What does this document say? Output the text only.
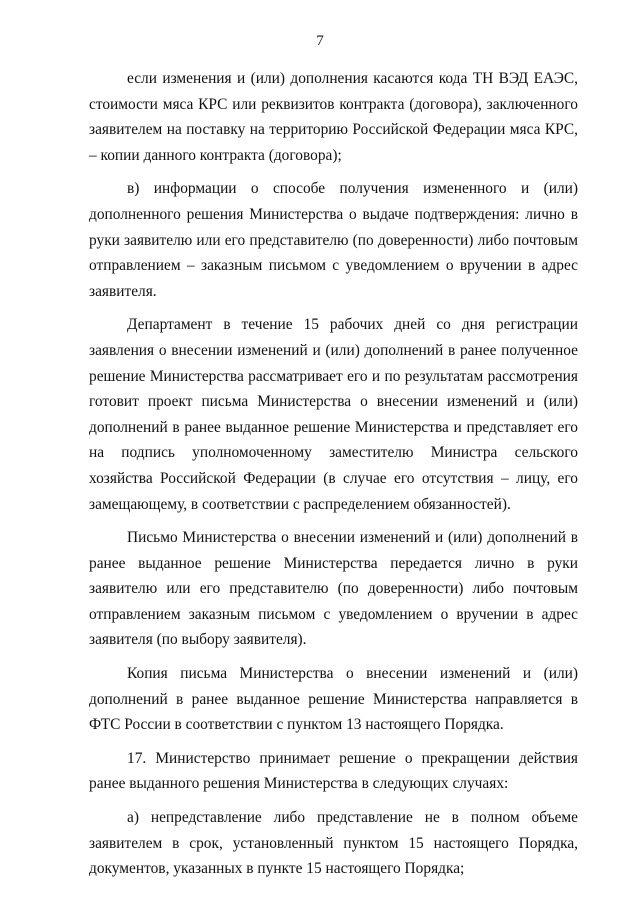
7

если изменения и (или) дополнения касаются кода ТН ВЭД ЕАЭС, стоимости мяса КРС или реквизитов контракта (договора), заключенного заявителем на поставку на территорию Российской Федерации мяса КРС, – копии данного контракта (договора);

в) информации о способе получения измененного и (или) дополненного решения Министерства о выдаче подтверждения: лично в руки заявителю или его представителю (по доверенности) либо почтовым отправлением – заказным письмом с уведомлением о вручении в адрес заявителя.

Департамент в течение 15 рабочих дней со дня регистрации заявления о внесении изменений и (или) дополнений в ранее полученное решение Министерства рассматривает его и по результатам рассмотрения готовит проект письма Министерства о внесении изменений и (или) дополнений в ранее выданное решение Министерства и представляет его на подпись уполномоченному заместителю Министра сельского хозяйства Российской Федерации (в случае его отсутствия – лицу, его замещающему, в соответствии с распределением обязанностей).

Письмо Министерства о внесении изменений и (или) дополнений в ранее выданное решение Министерства передается лично в руки заявителю или его представителю (по доверенности) либо почтовым отправлением заказным письмом с уведомлением о вручении в адрес заявителя (по выбору заявителя).

Копия письма Министерства о внесении изменений и (или) дополнений в ранее выданное решение Министерства направляется в ФТС России в соответствии с пунктом 13 настоящего Порядка.

17. Министерство принимает решение о прекращении действия ранее выданного решения Министерства в следующих случаях:

а) непредставление либо представление не в полном объеме заявителем в срок, установленный пунктом 15 настоящего Порядка, документов, указанных в пункте 15 настоящего Порядка;
